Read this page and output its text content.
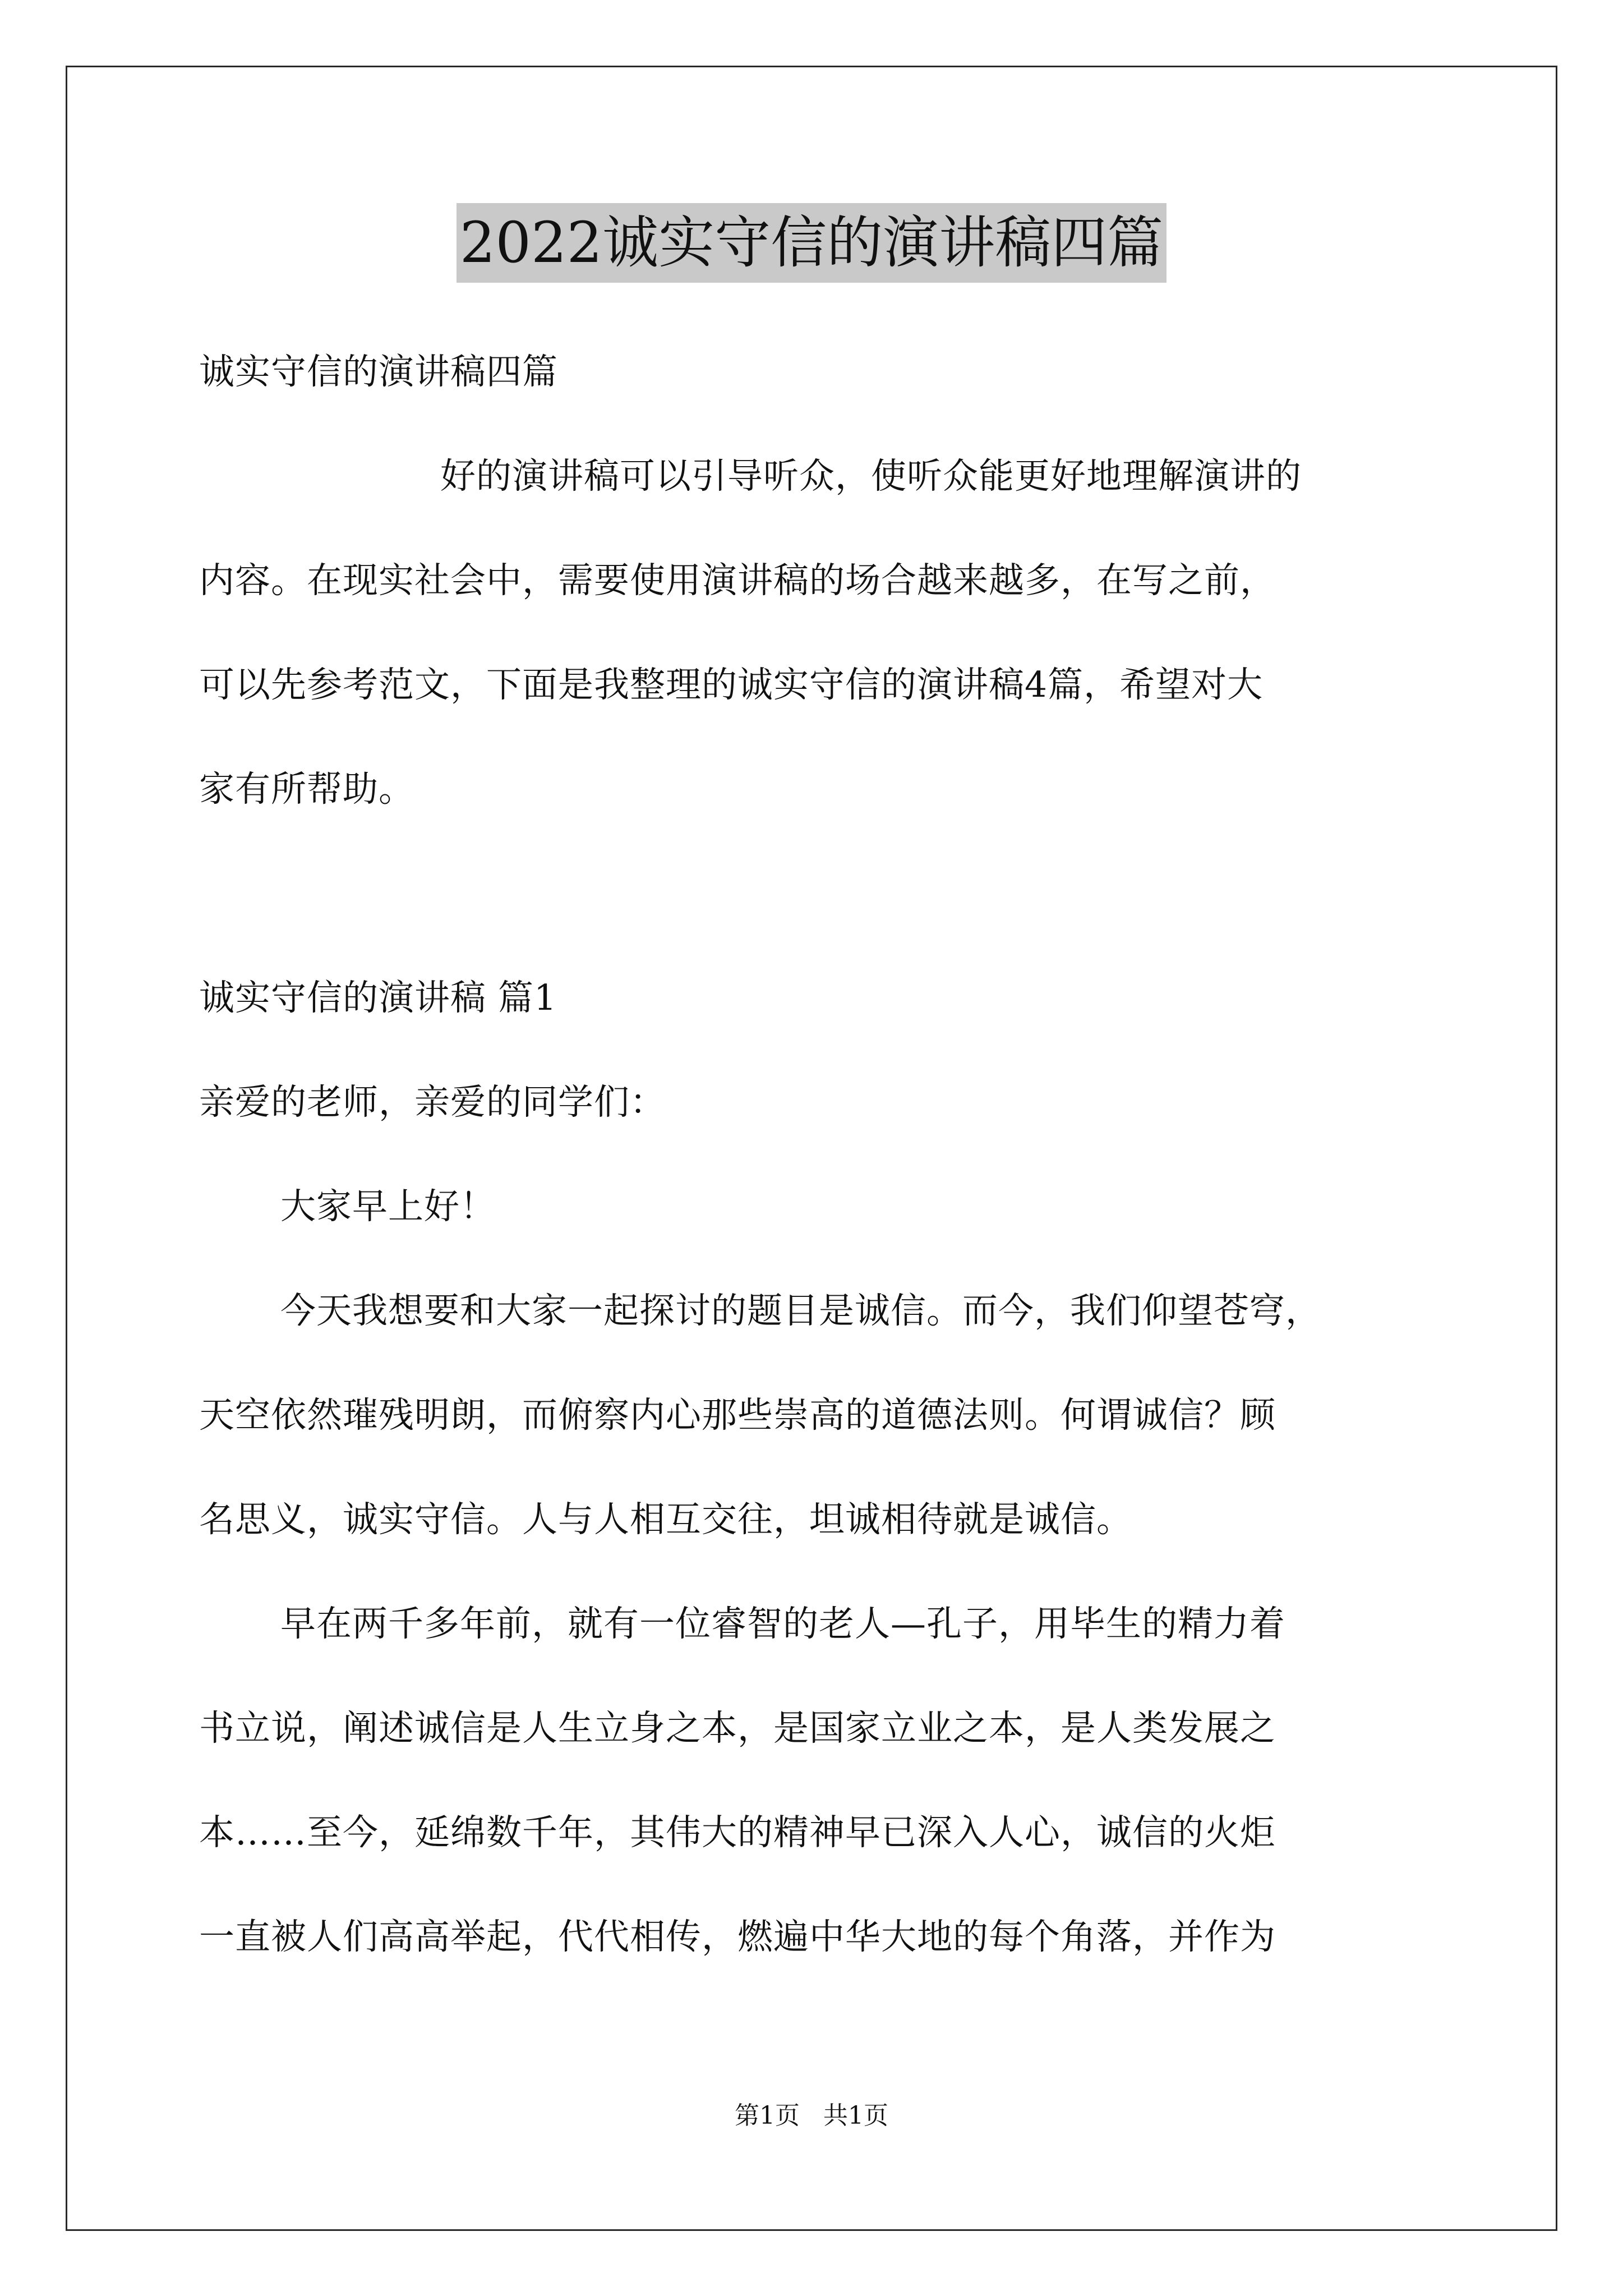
2022诚实守信的演讲稿四篇
诚实守信的演讲稿四篇
好的演讲稿可以引导听众，使听众能更好地理解演讲的
内容。在现实社会中，需要使用演讲稿的场合越来越多，在写之前，
可以先参考范文，下面是我整理的诚实守信的演讲稿4篇，希望对大
家有所帮助。
诚实守信的演讲稿 篇1
亲爱的老师，亲爱的同学们：
大家早上好！
今天我想要和大家一起探讨的题目是诚信。而今，我们仰望苍穹，
天空依然璀残明朗，而俯察内心那些崇高的道德法则。何谓诚信？顾
名思义，诚实守信。人与人相互交往，坦诚相待就是诚信。
早在两千多年前，就有一位睿智的老人—孔子，用毕生的精力着
书立说，阐述诚信是人生立身之本，是国家立业之本，是人类发展之
本……至今，延绵数千年，其伟大的精神早已深入人心，诚信的火炬
一直被人们高高举起，代代相传，燃遍中华大地的每个角落，并作为
第1页 共1页
